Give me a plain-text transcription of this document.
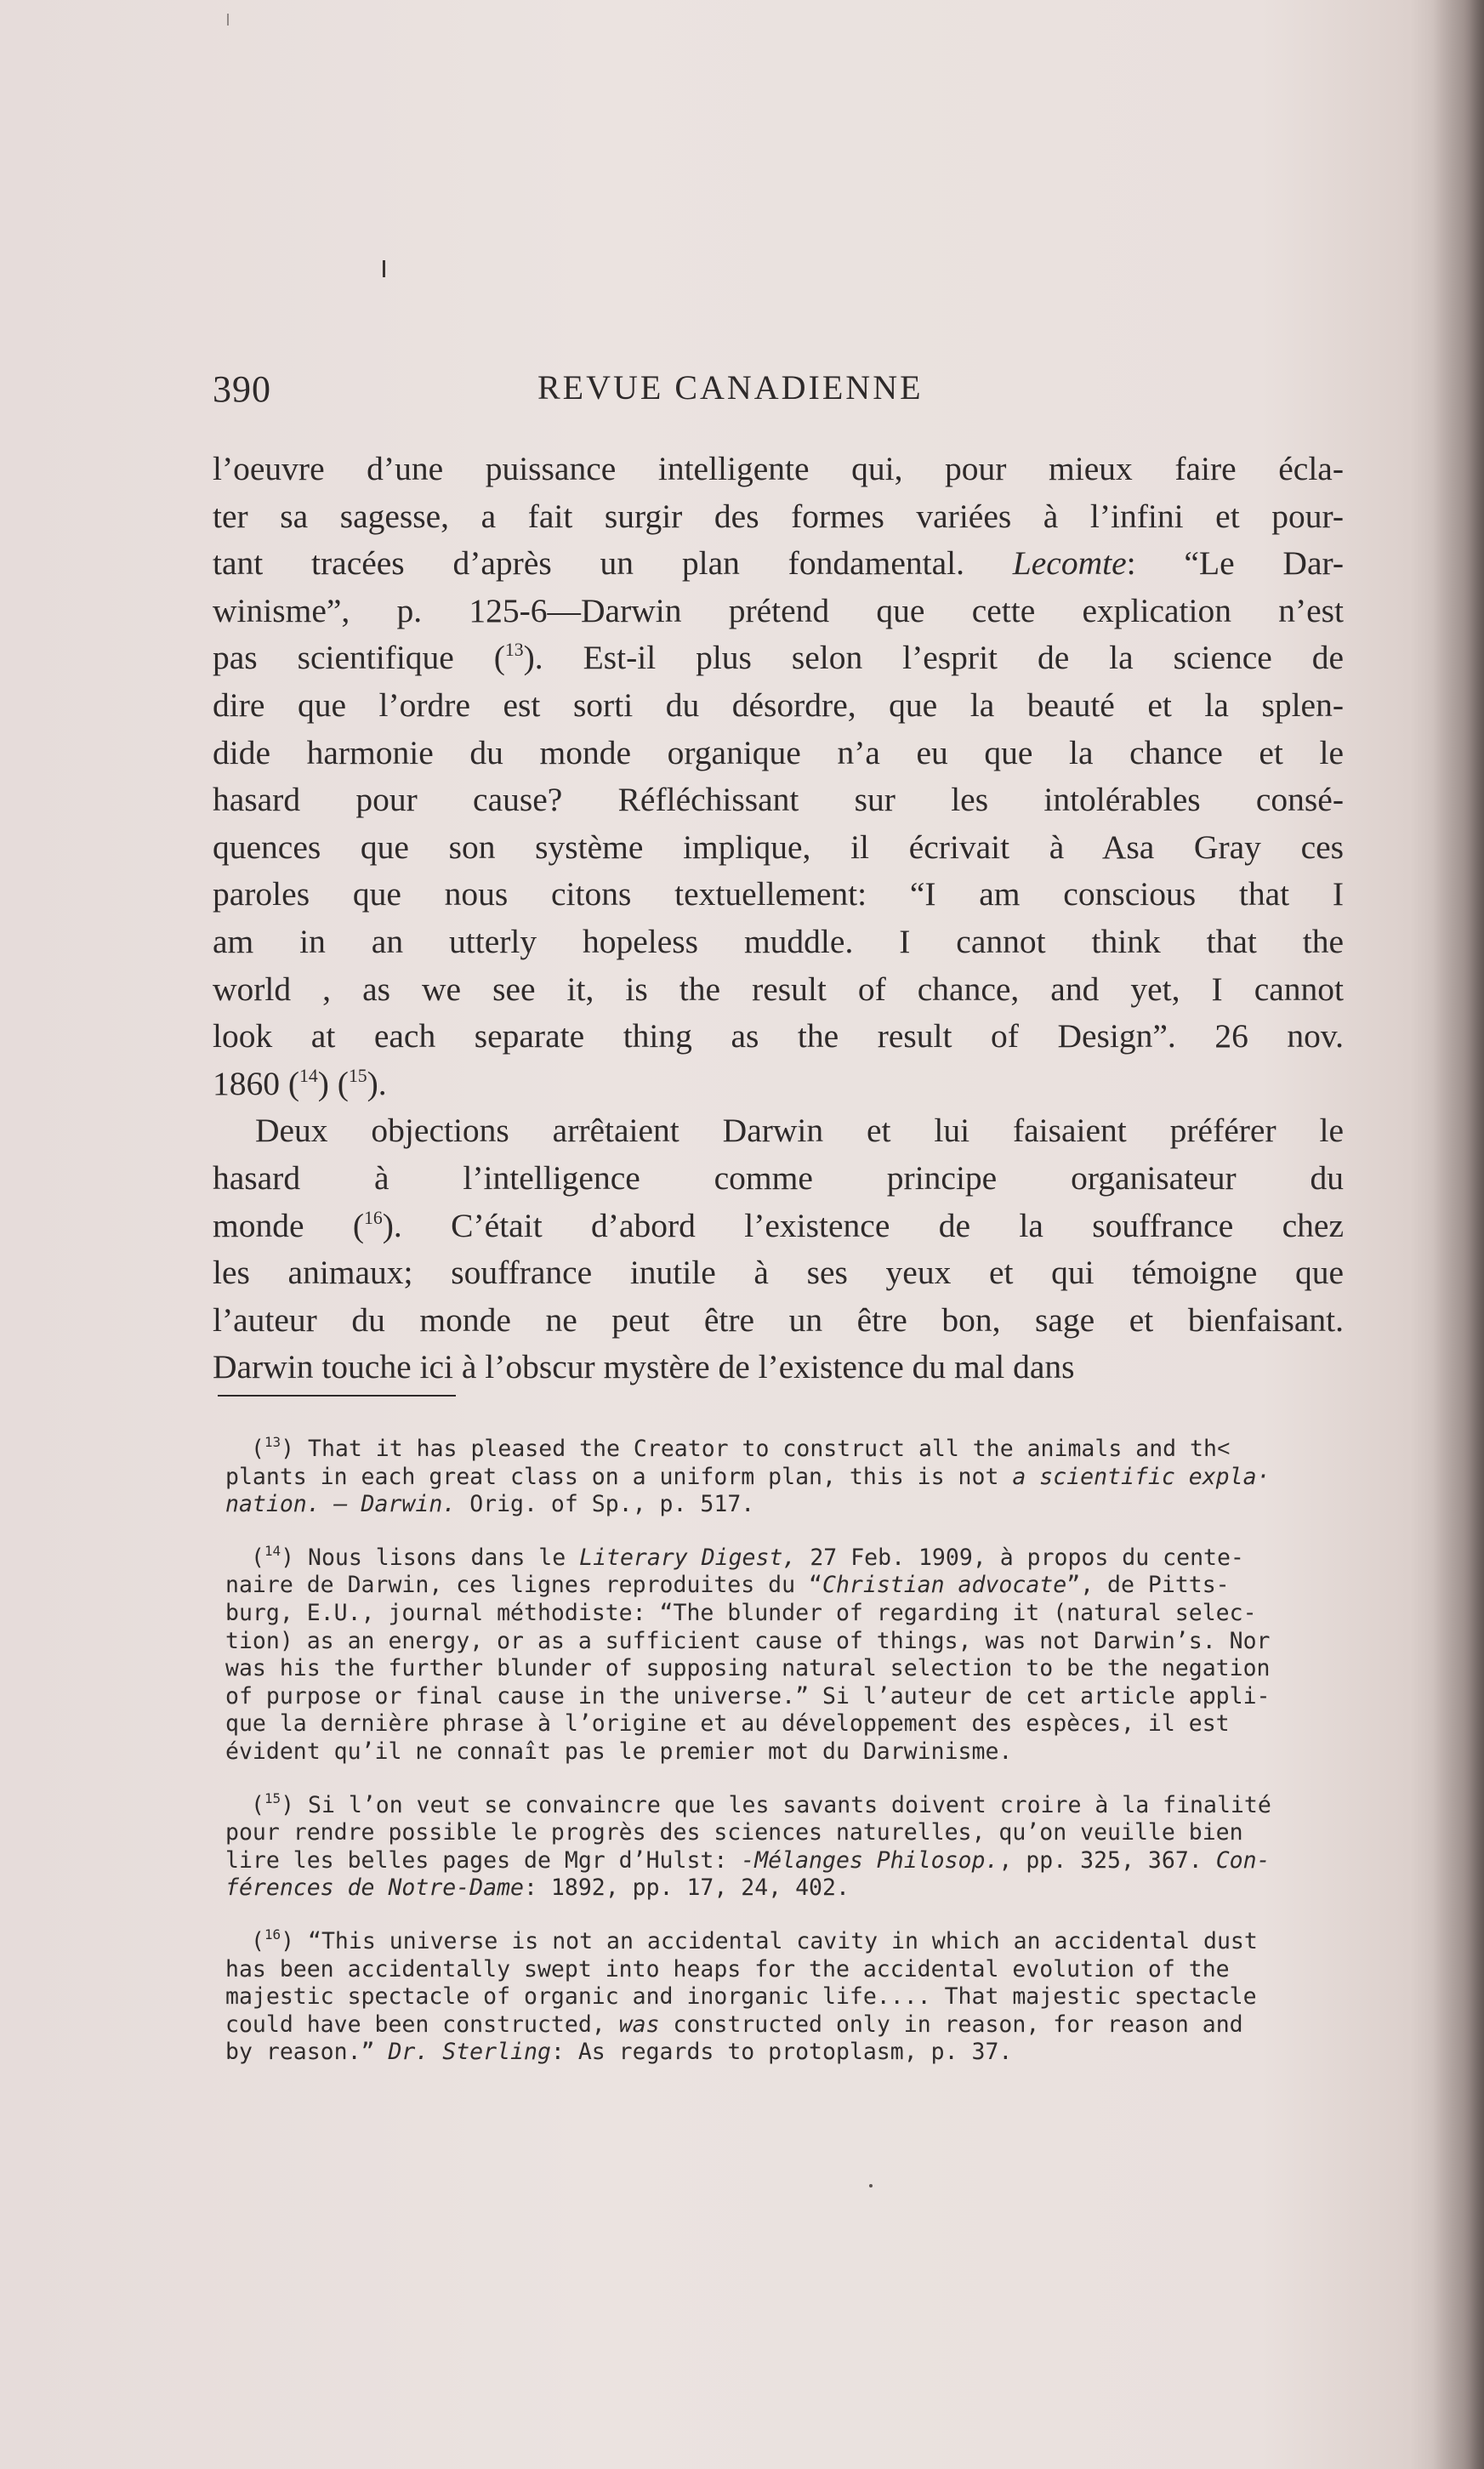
390	REVUE CANADIENNE

l’oeuvre d’une puissance intelligente qui, pour mieux faire écla-
ter sa sagesse, a fait surgir des formes variées à l’infini et pour-
tant tracées d’après un plan fondamental. Lecomte: “Le Dar-
winisme”, p. 125-6—Darwin prétend que cette explication n’est
pas scientifique ($^{13}$). Est-il plus selon l’esprit de la science de
dire que l’ordre est sorti du désordre, que la beauté et la splen-
dide harmonie du monde organique n’a eu que la chance et le
hasard pour cause? Réfléchissant sur les intolérables consé-
quences que son système implique, il écrivait à Asa Gray ces
paroles que nous citons textuellement: “I am conscious that I
am in an utterly hopeless muddle. I cannot think that the
world , as we see it, is the result of chance, and yet, I cannot
look at each separate thing as the result of Design”. 26 nov.
1860 ($^{14}$) ($^{15}$).

Deux objections arrêtaient Darwin et lui faisaient préférer le
hasard à l’intelligence comme principe organisateur du
monde ($^{16}$). C’était d’abord l’existence de la souffrance chez
les animaux; souffrance inutile à ses yeux et qui témoigne que
l’auteur du monde ne peut être un être bon, sage et bienfaisant.
Darwin touche ici à l’obscur mystère de l’existence du mal dans

($^{13}$) That it has pleased the Creator to construct all the animals and th˂
plants in each great class on a uniform plan, this is not a scientific expla·
nation. — Darwin. Orig. of Sp., p. 517.
($^{14}$) Nous lisons dans le Literary Digest, 27 Feb. 1909, à propos du cente-
naire de Darwin, ces lignes reproduites du “Christian advocate”, de Pitts-
burg, E.U., journal méthodiste: “The blunder of regarding it (natural selec-
tion) as an energy, or as a sufficient cause of things, was not Darwin’s. Nor
was his the further blunder of supposing natural selection to be the negation
of purpose or final cause in the universe.” Si l’auteur de cet article appli-
que la dernière phrase à l’origine et au développement des espèces, il est
évident qu’il ne connaît pas le premier mot du Darwinisme.
($^{15}$) Si l’on veut se convaincre que les savants doivent croire à la finalité
pour rendre possible le progrès des sciences naturelles, qu’on veuille bien
lire les belles pages de Mgr d’Hulst: -Mélanges Philosop., pp. 325, 367. Con-
férences de Notre-Dame: 1892, pp. 17, 24, 402.
($^{16}$) “This universe is not an accidental cavity in which an accidental dust
has been accidentally swept into heaps for the accidental evolution of the
majestic spectacle of organic and inorganic life.... That majestic spectacle
could have been constructed, was constructed only in reason, for reason and
by reason.” Dr. Sterling: As regards to protoplasm, p. 37.
